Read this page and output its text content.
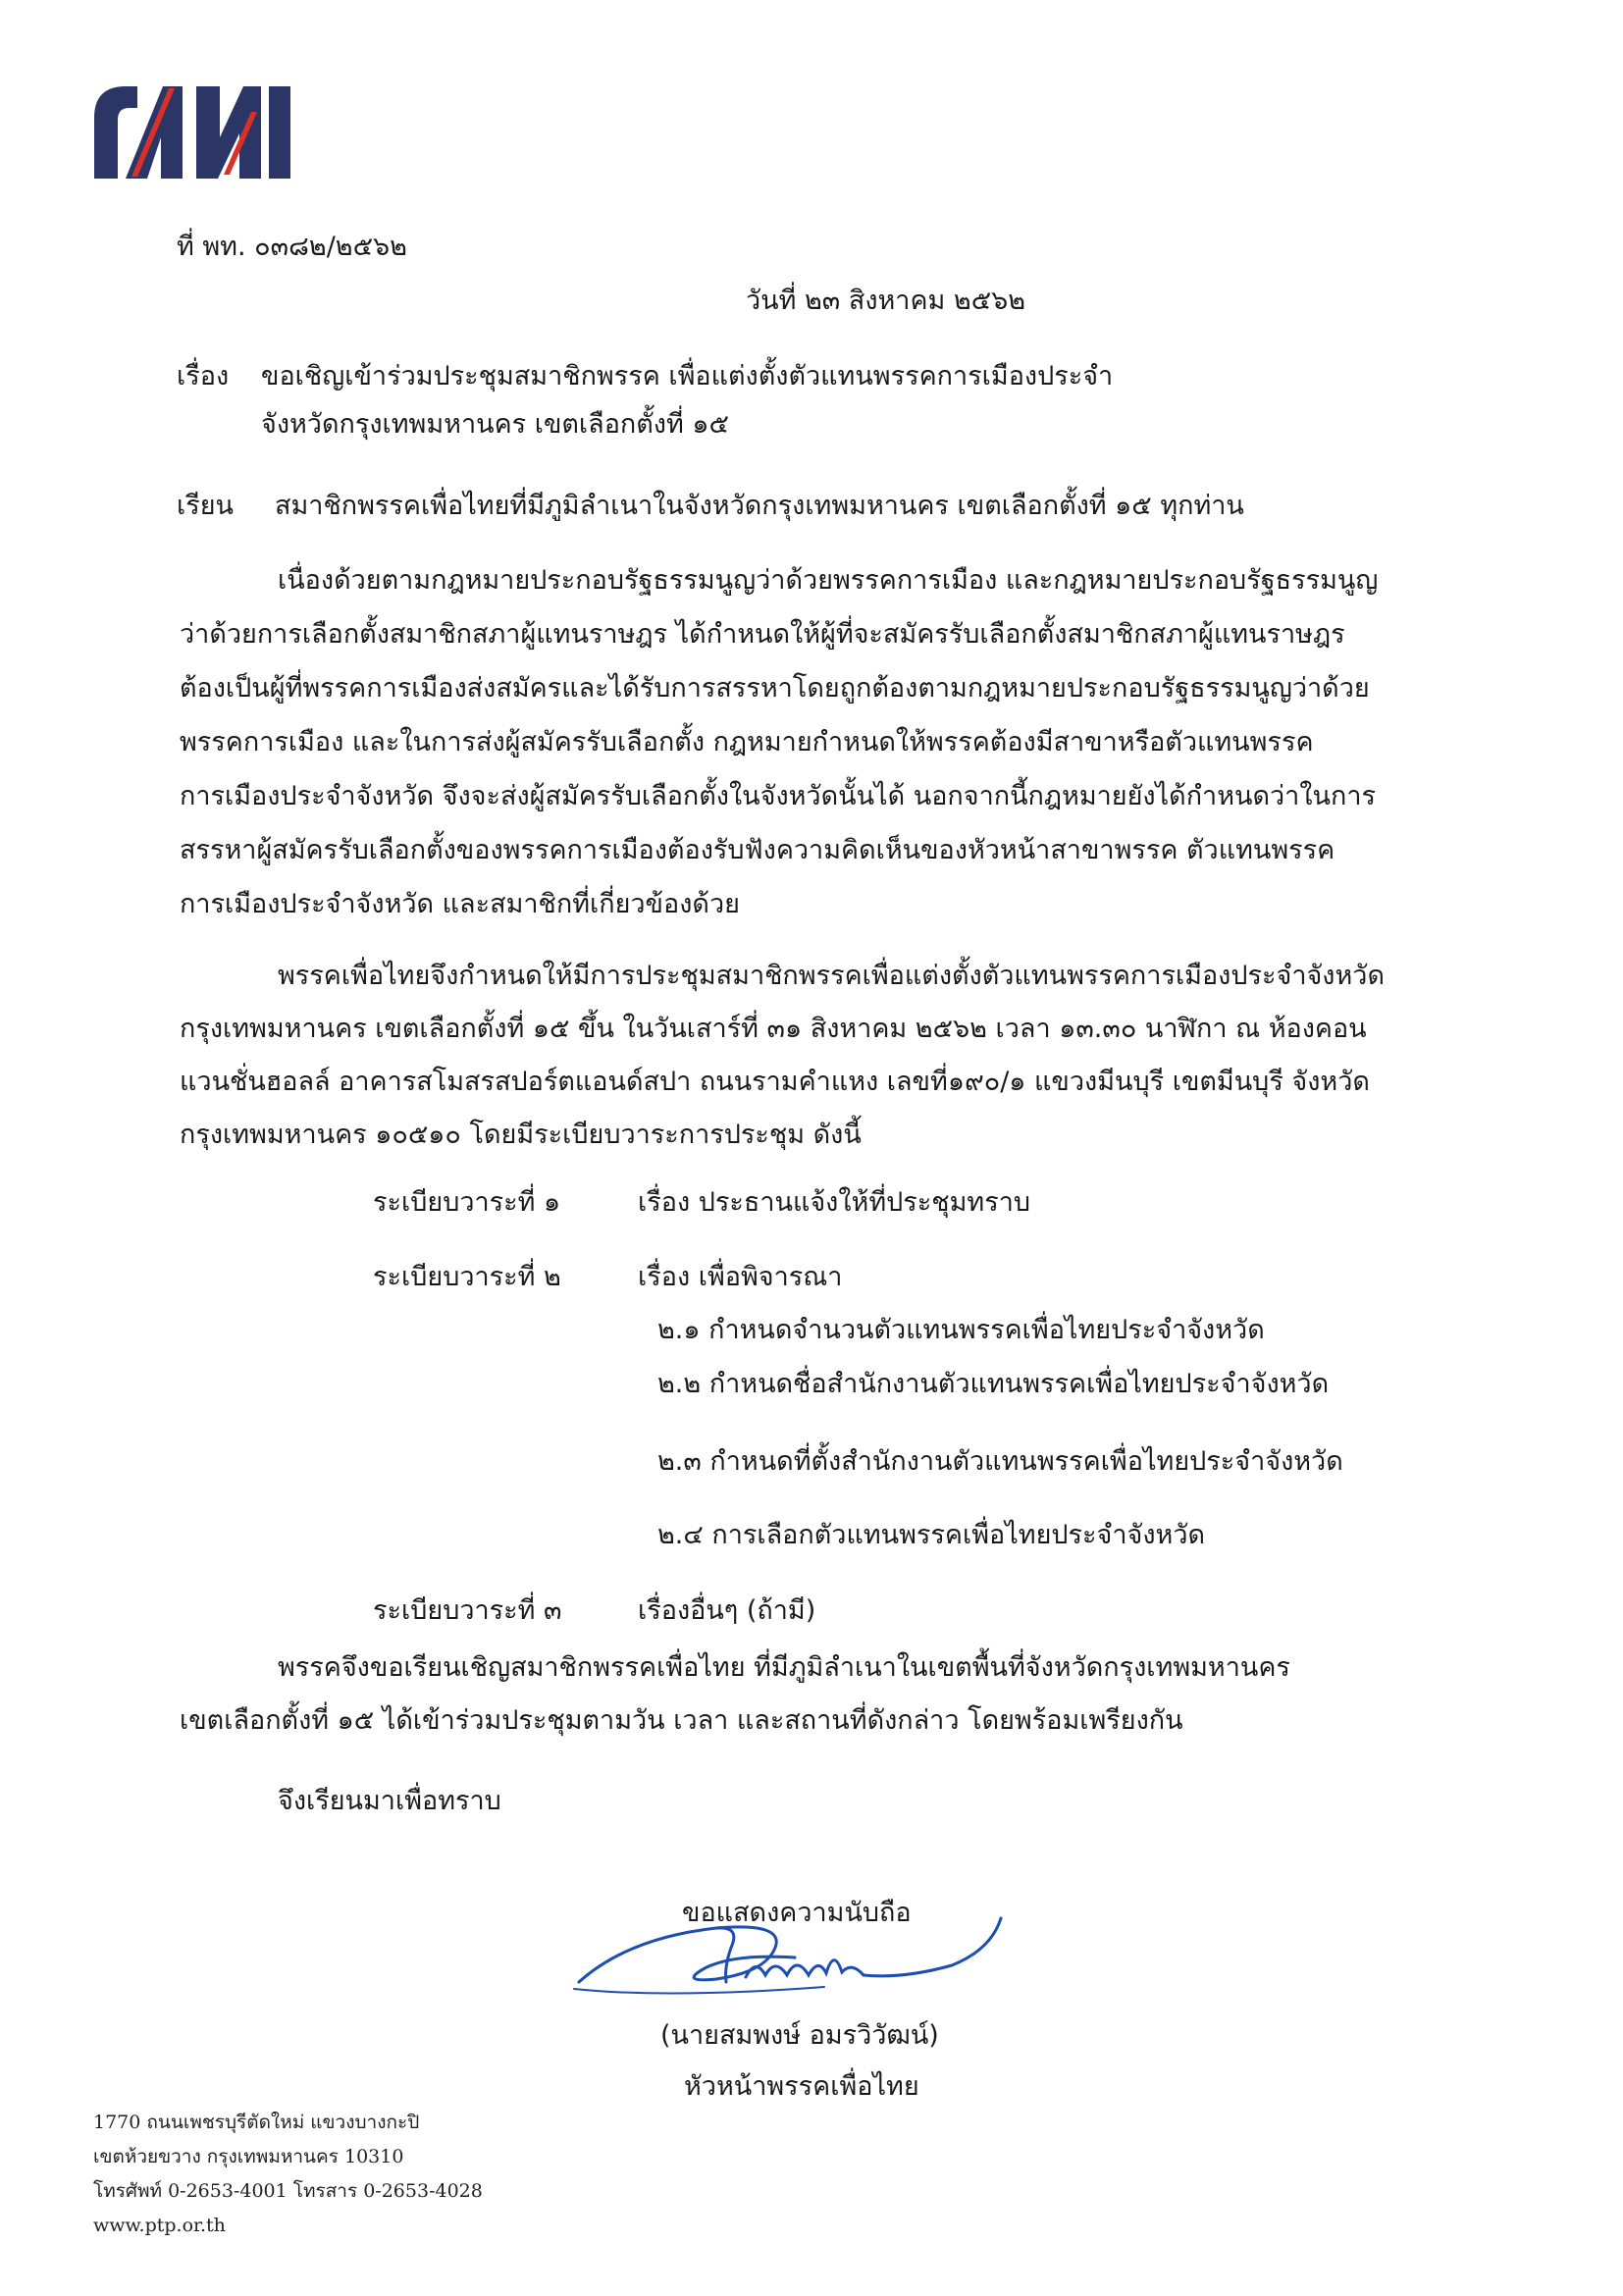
ที่ พท. ๐๓๘๒/๒๕๖๒
วันที่ ๒๓ สิงหาคม ๒๕๖๒
เรื่อง ขอเชิญเข้าร่วมประชุมสมาชิกพรรค เพื่อแต่งตั้งตัวแทนพรรคการเมืองประจำ
จังหวัดกรุงเทพมหานคร เขตเลือกตั้งที่ ๑๕
เรียน สมาชิกพรรคเพื่อไทยที่มีภูมิลำเนาในจังหวัดกรุงเทพมหานคร เขตเลือกตั้งที่ ๑๕ ทุกท่าน
เนื่องด้วยตามกฎหมายประกอบรัฐธรรมนูญว่าด้วยพรรคการเมือง และกฎหมายประกอบรัฐธรรมนูญ
ว่าด้วยการเลือกตั้งสมาชิกสภาผู้แทนราษฎร ได้กำหนดให้ผู้ที่จะสมัครรับเลือกตั้งสมาชิกสภาผู้แทนราษฎร
ต้องเป็นผู้ที่พรรคการเมืองส่งสมัครและได้รับการสรรหาโดยถูกต้องตามกฎหมายประกอบรัฐธรรมนูญว่าด้วย
พรรคการเมือง และในการส่งผู้สมัครรับเลือกตั้ง กฎหมายกำหนดให้พรรคต้องมีสาขาหรือตัวแทนพรรค
การเมืองประจำจังหวัด จึงจะส่งผู้สมัครรับเลือกตั้งในจังหวัดนั้นได้ นอกจากนี้กฎหมายยังได้กำหนดว่าในการ
สรรหาผู้สมัครรับเลือกตั้งของพรรคการเมืองต้องรับฟังความคิดเห็นของหัวหน้าสาขาพรรค ตัวแทนพรรค
การเมืองประจำจังหวัด และสมาชิกที่เกี่ยวข้องด้วย
พรรคเพื่อไทยจึงกำหนดให้มีการประชุมสมาชิกพรรคเพื่อแต่งตั้งตัวแทนพรรคการเมืองประจำจังหวัด
กรุงเทพมหานคร เขตเลือกตั้งที่ ๑๕ ขึ้น ในวันเสาร์ที่ ๓๑ สิงหาคม ๒๕๖๒ เวลา ๑๓.๓๐ นาฬิกา ณ ห้องคอน
แวนชั่นฮอลล์ อาคารสโมสรสปอร์ตแอนด์สปา ถนนรามคำแหง เลขที่๑๙๐/๑ แขวงมีนบุรี เขตมีนบุรี จังหวัด
กรุงเทพมหานคร ๑๐๕๑๐ โดยมีระเบียบวาระการประชุม ดังนี้
ระเบียบวาระที่ ๑	เรื่อง ประธานแจ้งให้ที่ประชุมทราบ
ระเบียบวาระที่ ๒	เรื่อง เพื่อพิจารณา
๒.๑ กำหนดจำนวนตัวแทนพรรคเพื่อไทยประจำจังหวัด
๒.๒ กำหนดชื่อสำนักงานตัวแทนพรรคเพื่อไทยประจำจังหวัด
๒.๓ กำหนดที่ตั้งสำนักงานตัวแทนพรรคเพื่อไทยประจำจังหวัด
๒.๔ การเลือกตัวแทนพรรคเพื่อไทยประจำจังหวัด
ระเบียบวาระที่ ๓	เรื่องอื่นๆ (ถ้ามี)
พรรคจึงขอเรียนเชิญสมาชิกพรรคเพื่อไทย ที่มีภูมิลำเนาในเขตพื้นที่จังหวัดกรุงเทพมหานคร
เขตเลือกตั้งที่ ๑๕ ได้เข้าร่วมประชุมตามวัน เวลา และสถานที่ดังกล่าว โดยพร้อมเพรียงกัน
จึงเรียนมาเพื่อทราบ
ขอแสดงความนับถือ
(นายสมพงษ์ อมรวิวัฒน์)
หัวหน้าพรรคเพื่อไทย
1770 ถนนเพชรบุรีตัดใหม่ แขวงบางกะปิ
เขตห้วยขวาง กรุงเทพมหานคร 10310
โทรศัพท์ 0-2653-4001 โทรสาร 0-2653-4028
www.ptp.or.th
